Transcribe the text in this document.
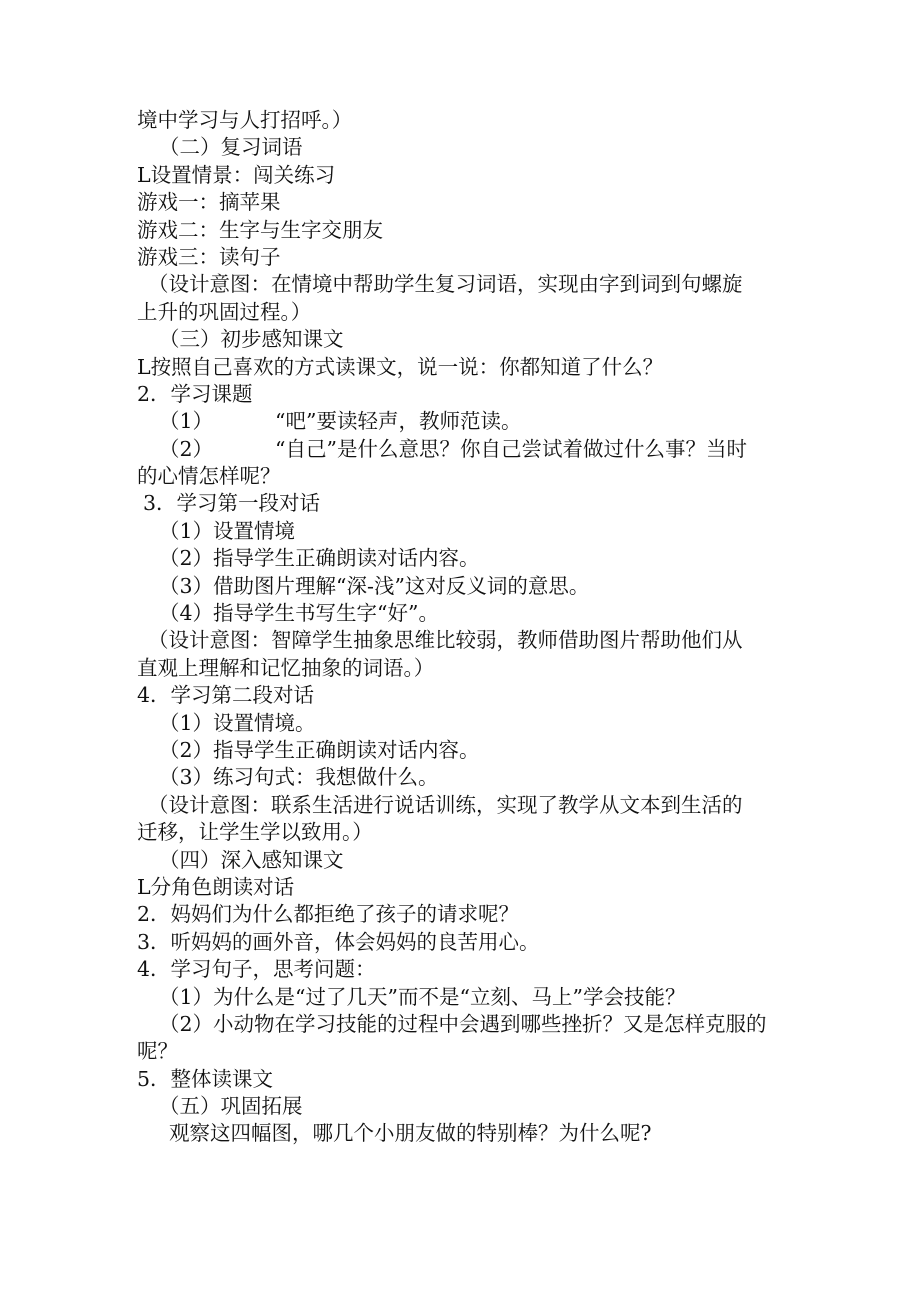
境中学习与人打招呼。）
（二）复习词语
L设置情景：闯关练习
游戏一：摘苹果
游戏二：生字与生字交朋友
游戏三：读句子
（设计意图：在情境中帮助学生复习词语，实现由字到词到句螺旋
上升的巩固过程。）
（三）初步感知课文
L按照自己喜欢的方式读课文，说一说：你都知道了什么？
2．学习课题
（1）	“吧”要读轻声，教师范读。
（2）	“自己”是什么意思？你自己尝试着做过什么事？当时
的心情怎样呢？
3．学习第一段对话
（1）设置情境
（2）指导学生正确朗读对话内容。
（3）借助图片理解“深-浅”这对反义词的意思。
（4）指导学生书写生字“好”。
（设计意图：智障学生抽象思维比较弱，教师借助图片帮助他们从
直观上理解和记忆抽象的词语。）
4．学习第二段对话
（1）设置情境。
（2）指导学生正确朗读对话内容。
（3）练习句式：我想做什么。
（设计意图：联系生活进行说话训练，实现了教学从文本到生活的
迁移，让学生学以致用。）
（四）深入感知课文
L分角色朗读对话
2．妈妈们为什么都拒绝了孩子的请求呢？
3．听妈妈的画外音，体会妈妈的良苦用心。
4．学习句子，思考问题：
（1）为什么是“过了几天”而不是“立刻、马上”学会技能？
（2）小动物在学习技能的过程中会遇到哪些挫折？又是怎样克服的
呢？
5．整体读课文
（五）巩固拓展
观察这四幅图，哪几个小朋友做的特别棒？为什么呢?
